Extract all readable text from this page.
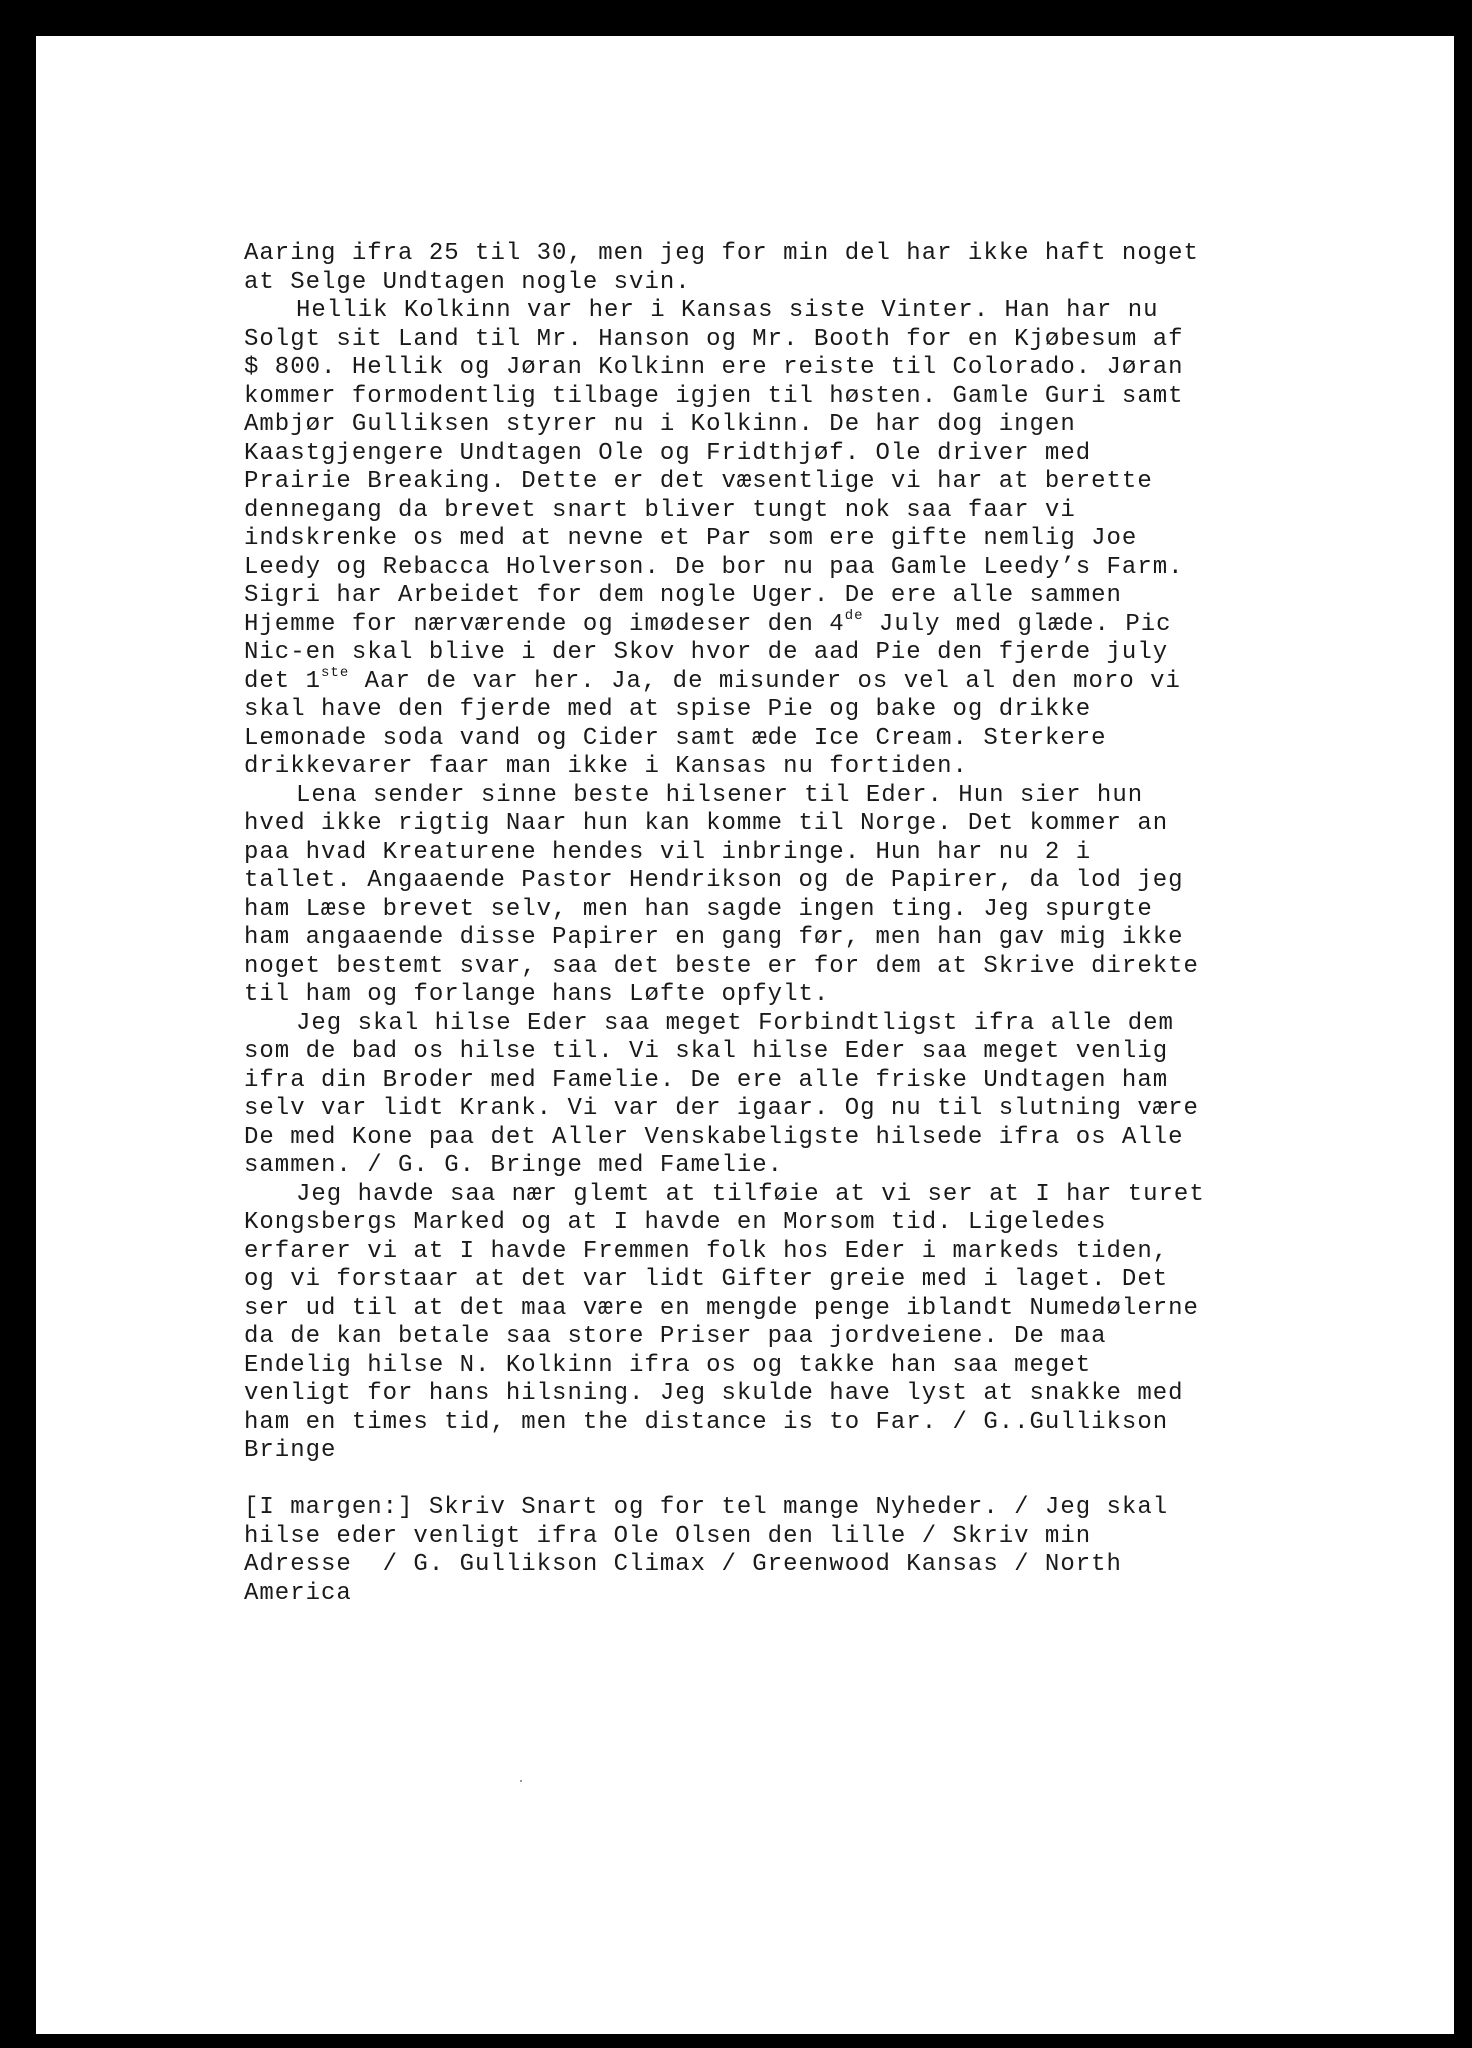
Aaring ifra 25 til 30, men jeg for min del har ikke haft noget
at Selge Undtagen nogle svin.
Hellik Kolkinn var her i Kansas siste Vinter. Han har nu
Solgt sit Land til Mr. Hanson og Mr. Booth for en Kjøbesum af
$ 800. Hellik og Jøran Kolkinn ere reiste til Colorado. Jøran
kommer formodentlig tilbage igjen til høsten. Gamle Guri samt
Ambjør Gulliksen styrer nu i Kolkinn. De har dog ingen
Kaastgjengere Undtagen Ole og Fridthjøf. Ole driver med
Prairie Breaking. Dette er det væsentlige vi har at berette
dennegang da brevet snart bliver tungt nok saa faar vi
indskrenke os med at nevne et Par som ere gifte nemlig Joe
Leedy og Rebacca Holverson. De bor nu paa Gamle Leedy’s Farm.
Sigri har Arbeidet for dem nogle Uger. De ere alle sammen
Hjemme for nærværende og imødeser den 4de July med glæde. Pic
Nic-en skal blive i der Skov hvor de aad Pie den fjerde july
det 1ste Aar de var her. Ja, de misunder os vel al den moro vi
skal have den fjerde med at spise Pie og bake og drikke
Lemonade soda vand og Cider samt æde Ice Cream. Sterkere
drikkevarer faar man ikke i Kansas nu fortiden.
Lena sender sinne beste hilsener til Eder. Hun sier hun
hved ikke rigtig Naar hun kan komme til Norge. Det kommer an
paa hvad Kreaturene hendes vil inbringe. Hun har nu 2 i
tallet. Angaaende Pastor Hendrikson og de Papirer, da lod jeg
ham Læse brevet selv, men han sagde ingen ting. Jeg spurgte
ham angaaende disse Papirer en gang før, men han gav mig ikke
noget bestemt svar, saa det beste er for dem at Skrive direkte
til ham og forlange hans Løfte opfylt.
Jeg skal hilse Eder saa meget Forbindtligst ifra alle dem
som de bad os hilse til. Vi skal hilse Eder saa meget venlig
ifra din Broder med Famelie. De ere alle friske Undtagen ham
selv var lidt Krank. Vi var der igaar. Og nu til slutning være
De med Kone paa det Aller Venskabeligste hilsede ifra os Alle
sammen. / G. G. Bringe med Famelie.
Jeg havde saa nær glemt at tilføie at vi ser at I har turet
Kongsbergs Marked og at I havde en Morsom tid. Ligeledes
erfarer vi at I havde Fremmen folk hos Eder i markeds tiden,
og vi forstaar at det var lidt Gifter greie med i laget. Det
ser ud til at det maa være en mengde penge iblandt Numedølerne
da de kan betale saa store Priser paa jordveiene. De maa
Endelig hilse N. Kolkinn ifra os og takke han saa meget
venligt for hans hilsning. Jeg skulde have lyst at snakke med
ham en times tid, men the distance is to Far. / G..Gullikson
Bringe
[I margen:] Skriv Snart og for tel mange Nyheder. / Jeg skal
hilse eder venligt ifra Ole Olsen den lille / Skriv min
Adresse  / G. Gullikson Climax / Greenwood Kansas / North
America
